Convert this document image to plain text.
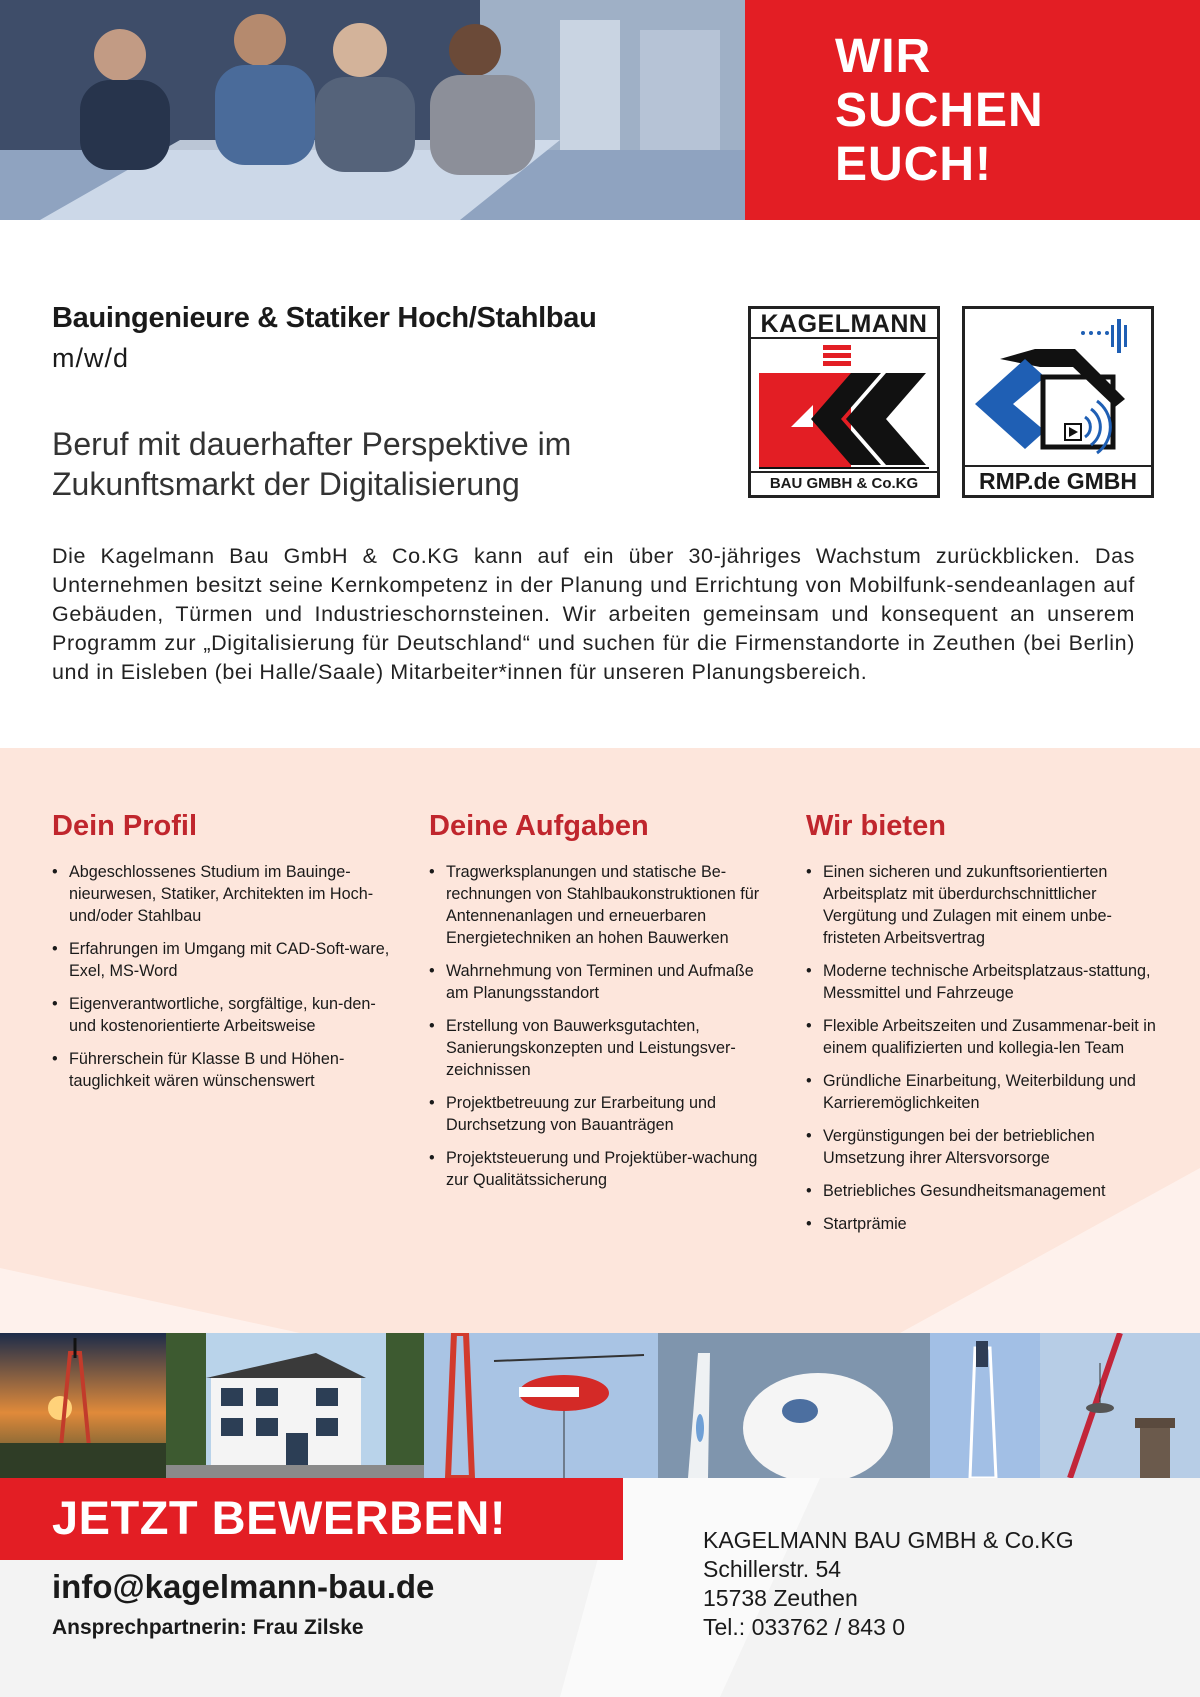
WIR
SUCHEN
EUCH!
Bauingenieure & Statiker Hoch/Stahlbau
m/w/d
Beruf mit dauerhafter Perspektive im Zukunftsmarkt der Digitalisierung
KAGELMANN
BAU GMBH & Co.KG	RMP.de GMBH
Die Kagelmann Bau GmbH & Co.KG kann auf ein über 30-jähriges Wachstum zurückblicken. Das Unternehmen besitzt seine Kernkompetenz in der Planung und Errichtung von Mobilfunk-sendeanlagen auf Gebäuden, Türmen und Industrieschornsteinen. Wir arbeiten gemeinsam und konsequent an unserem Programm zur „Digitalisierung für Deutschland“ und suchen für die Firmenstandorte in Zeuthen (bei Berlin) und in Eisleben (bei Halle/Saale) Mitarbeiter*innen für unseren Planungsbereich.
Dein Profil
• Abgeschlossenes Studium im Bauinge-nieurwesen, Statiker, Architekten im Hoch- und/oder Stahlbau
• Erfahrungen im Umgang mit CAD-Soft-ware, Exel, MS-Word
• Eigenverantwortliche, sorgfältige, kun-den- und kostenorientierte Arbeitsweise
• Führerschein für Klasse B und Höhen-tauglichkeit wären wünschenswert
Deine Aufgaben
• Tragwerksplanungen und statische Be-rechnungen von Stahlbaukonstruktionen für Antennenanlagen und erneuerbaren Energietechniken an hohen Bauwerken
• Wahrnehmung von Terminen und Aufmaße am Planungsstandort
• Erstellung von Bauwerksgutachten, Sanierungskonzepten und Leistungsver-zeichnissen
• Projektbetreuung zur Erarbeitung und Durchsetzung von Bauanträgen
• Projektsteuerung und Projektüber-wachung zur Qualitätssicherung
Wir bieten
• Einen sicheren und zukunftsorientierten Arbeitsplatz mit überdurchschnittlicher Vergütung und Zulagen mit einem unbe-fristeten Arbeitsvertrag
• Moderne technische Arbeitsplatzaus-stattung, Messmittel und Fahrzeuge
• Flexible Arbeitszeiten und Zusammenar-beit in einem qualifizierten und kollegia-len Team
• Gründliche Einarbeitung, Weiterbildung und Karrieremöglichkeiten
• Vergünstigungen bei der betrieblichen Umsetzung ihrer Altersvorsorge
• Betriebliches Gesundheitsmanagement
• Startprämie
JETZT BEWERBEN!
info@kagelmann-bau.de
Ansprechpartnerin: Frau Zilske
KAGELMANN BAU GMBH & Co.KG
Schillerstr. 54
15738 Zeuthen
Tel.: 033762 / 843 0
